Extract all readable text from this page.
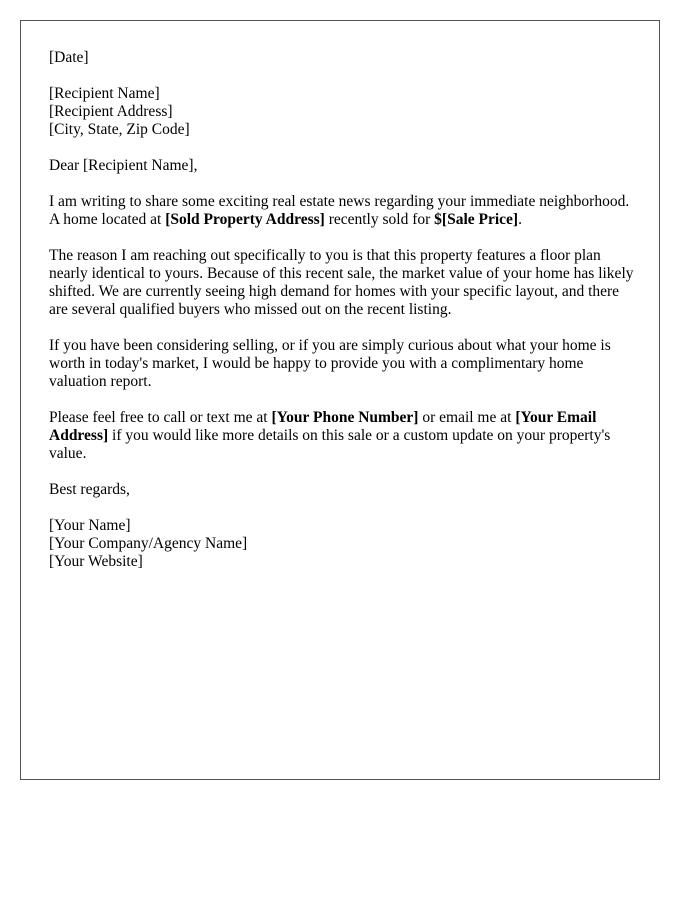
[Date]

[Recipient Name]
[Recipient Address]
[City, State, Zip Code]

Dear [Recipient Name],

I am writing to share some exciting real estate news regarding your immediate neighborhood. A home located at [Sold Property Address] recently sold for $[Sale Price].

The reason I am reaching out specifically to you is that this property features a floor plan nearly identical to yours. Because of this recent sale, the market value of your home has likely shifted. We are currently seeing high demand for homes with your specific layout, and there are several qualified buyers who missed out on the recent listing.

If you have been considering selling, or if you are simply curious about what your home is worth in today's market, I would be happy to provide you with a complimentary home valuation report.

Please feel free to call or text me at [Your Phone Number] or email me at [Your Email Address] if you would like more details on this sale or a custom update on your property's value.

Best regards,

[Your Name]
[Your Company/Agency Name]
[Your Website]
